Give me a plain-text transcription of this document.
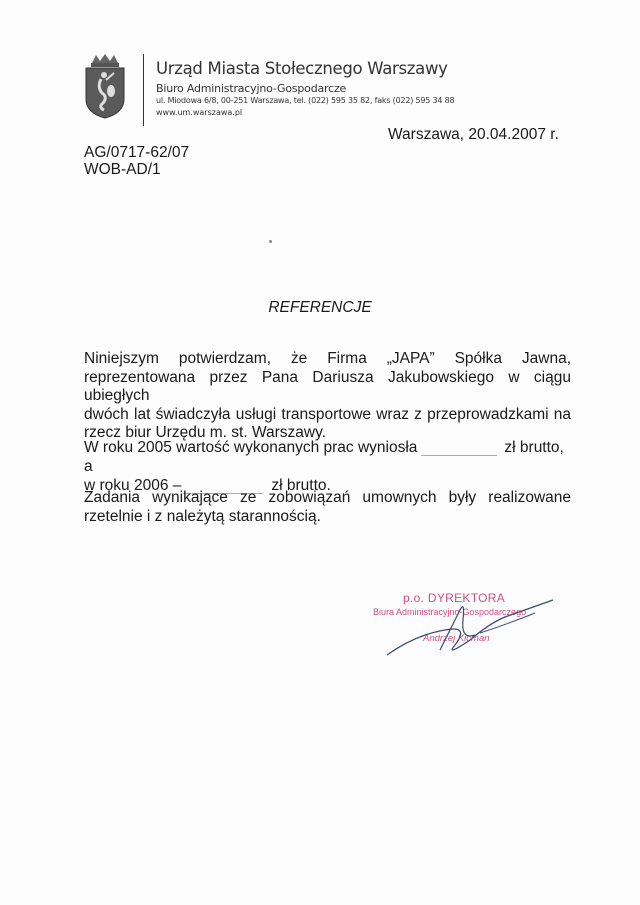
Urząd Miasta Stołecznego Warszawy
Biuro Administracyjno-Gospodarcze
ul. Miodowa 6/8, 00-251 Warszawa, tel. (022) 595 35 82, faks (022) 595 34 88
www.um.warszawa.pl
Warszawa, 20.04.2007 r.
AG/0717-62/07
WOB-AD/1
REFERENCJE
Niniejszym potwierdzam, że Firma „JAPA” Spółka Jawna,
reprezentowana przez Pana Dariusza Jakubowskiego w ciągu ubiegłych
dwóch lat świadczyła usługi transportowe wraz z przeprowadzkami na
rzecz biur Urzędu m. st. Warszawy.
W roku 2005 wartość wykonanych prac wyniosła	zł brutto, a
w roku 2006 –	zł brutto.
Zadania wynikające ze zobowiązań umownych były realizowane
rzetelnie i z należytą starannością.
p.o. DYREKTORA
Biura Administracyjno-Gospodarczego
Andrzej Kicman
